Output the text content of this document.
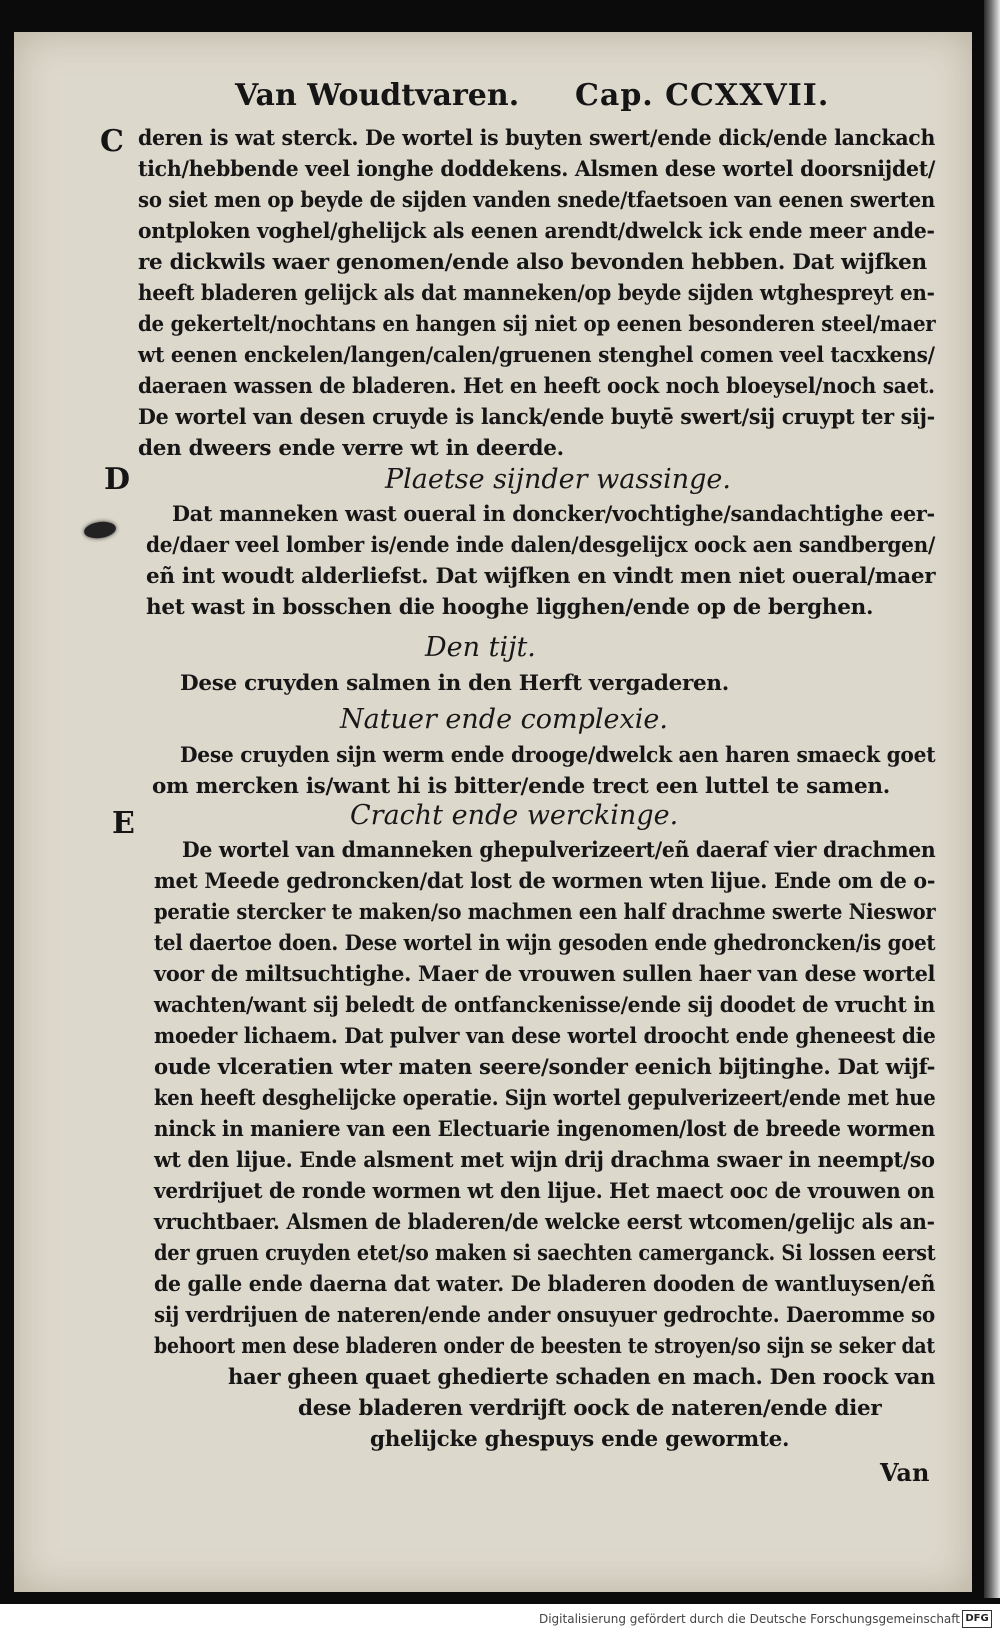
Van Woudtvaren. Cap. CCXXVII.
C
D
E
deren is wat sterck. De wortel is buyten swert/ende dick/ende lanckach
tich/hebbende veel ionghe doddekens. Alsmen dese wortel doorsnijdet/
so siet men op beyde de sijden vanden snede/tfaetsoen van eenen swerten
ontploken voghel/ghelijck als eenen arendt/dwelck ick ende meer ande-
re dickwils waer genomen/ende also bevonden hebben. Dat wijfken
heeft bladeren gelijck als dat manneken/op beyde sijden wtghespreyt en-
de gekertelt/nochtans en hangen sij niet op eenen besonderen steel/maer
wt eenen enckelen/langen/calen/gruenen stenghel comen veel tacxkens/
daeraen wassen de bladeren. Het en heeft oock noch bloeysel/noch saet.
De wortel van desen cruyde is lanck/ende buytē swert/sij cruypt ter sij-
den dweers ende verre wt in deerde.
Plaetse sijnder wassinge.
Dat manneken wast oueral in doncker/vochtighe/sandachtighe eer-
de/daer veel lomber is/ende inde dalen/desgelijcx oock aen sandbergen/
eñ int woudt alderliefst. Dat wijfken en vindt men niet oueral/maer
het wast in bosschen die hooghe ligghen/ende op de berghen.
Den tijt.
Dese cruyden salmen in den Herft vergaderen.
Natuer ende complexie.
Dese cruyden sijn werm ende drooge/dwelck aen haren smaeck goet
om mercken is/want hi is bitter/ende trect een luttel te samen.
Cracht ende werckinge.
De wortel van dmanneken ghepulverizeert/eñ daeraf vier drachmen
met Meede gedroncken/dat lost de wormen wten lijue. Ende om de o-
peratie stercker te maken/so machmen een half drachme swerte Nieswor
tel daertoe doen. Dese wortel in wijn gesoden ende ghedroncken/is goet
voor de miltsuchtighe. Maer de vrouwen sullen haer van dese wortel
wachten/want sij beledt de ontfanckenisse/ende sij doodet de vrucht in
moeder lichaem. Dat pulver van dese wortel droocht ende gheneest die
oude vlceratien wter maten seere/sonder eenich bijtinghe. Dat wijf-
ken heeft desghelijcke operatie. Sijn wortel gepulverizeert/ende met hue
ninck in maniere van een Electuarie ingenomen/lost de breede wormen
wt den lijue. Ende alsment met wijn drij drachma swaer in neempt/so
verdrijuet de ronde wormen wt den lijue. Het maect ooc de vrouwen on
vruchtbaer. Alsmen de bladeren/de welcke eerst wtcomen/gelijc als an-
der gruen cruyden etet/so maken si saechten camerganck. Si lossen eerst
de galle ende daerna dat water. De bladeren dooden de wantluysen/eñ
sij verdrijuen de nateren/ende ander onsuyuer gedrochte. Daeromme so
behoort men dese bladeren onder de beesten te stroyen/so sijn se seker dat
haer gheen quaet ghedierte schaden en mach. Den roock van
dese bladeren verdrijft oock de nateren/ende dier
ghelijcke ghespuys ende gewormte.
Van
Digitalisierung gefördert durch die Deutsche Forschungsgemeinschaft DFG
